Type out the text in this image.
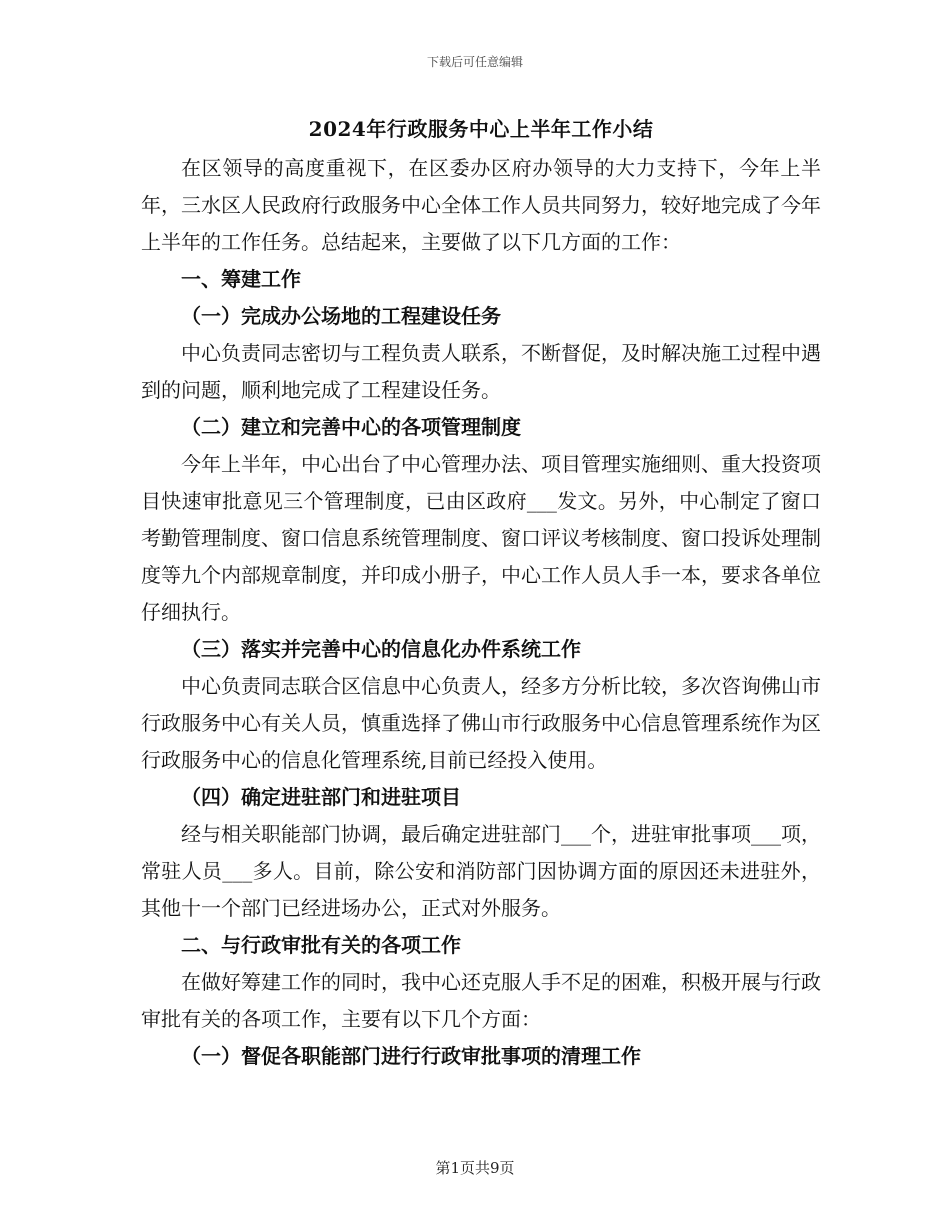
下载后可任意编辑
2024年行政服务中心上半年工作小结

在区领导的高度重视下，在区委办区府办领导的大力支持下，今年上半年，三水区人民政府行政服务中心全体工作人员共同努力，较好地完成了今年上半年的工作任务。总结起来，主要做了以下几方面的工作：

一、筹建工作

（一）完成办公场地的工程建设任务

中心负责同志密切与工程负责人联系，不断督促，及时解决施工过程中遇到的问题，顺利地完成了工程建设任务。

（二）建立和完善中心的各项管理制度

今年上半年，中心出台了中心管理办法、项目管理实施细则、重大投资项目快速审批意见三个管理制度，已由区政府___发文。另外，中心制定了窗口考勤管理制度、窗口信息系统管理制度、窗口评议考核制度、窗口投诉处理制度等九个内部规章制度，并印成小册子，中心工作人员人手一本，要求各单位仔细执行。

（三）落实并完善中心的信息化办件系统工作

中心负责同志联合区信息中心负责人，经多方分析比较，多次咨询佛山市行政服务中心有关人员，慎重选择了佛山市行政服务中心信息管理系统作为区行政服务中心的信息化管理系统,目前已经投入使用。

（四）确定进驻部门和进驻项目

经与相关职能部门协调，最后确定进驻部门___个，进驻审批事项___项，常驻人员___多人。目前，除公安和消防部门因协调方面的原因还未进驻外，其他十一个部门已经进场办公，正式对外服务。

二、与行政审批有关的各项工作

在做好筹建工作的同时，我中心还克服人手不足的困难，积极开展与行政审批有关的各项工作，主要有以下几个方面：

（一）督促各职能部门进行行政审批事项的清理工作

第1页共9页
